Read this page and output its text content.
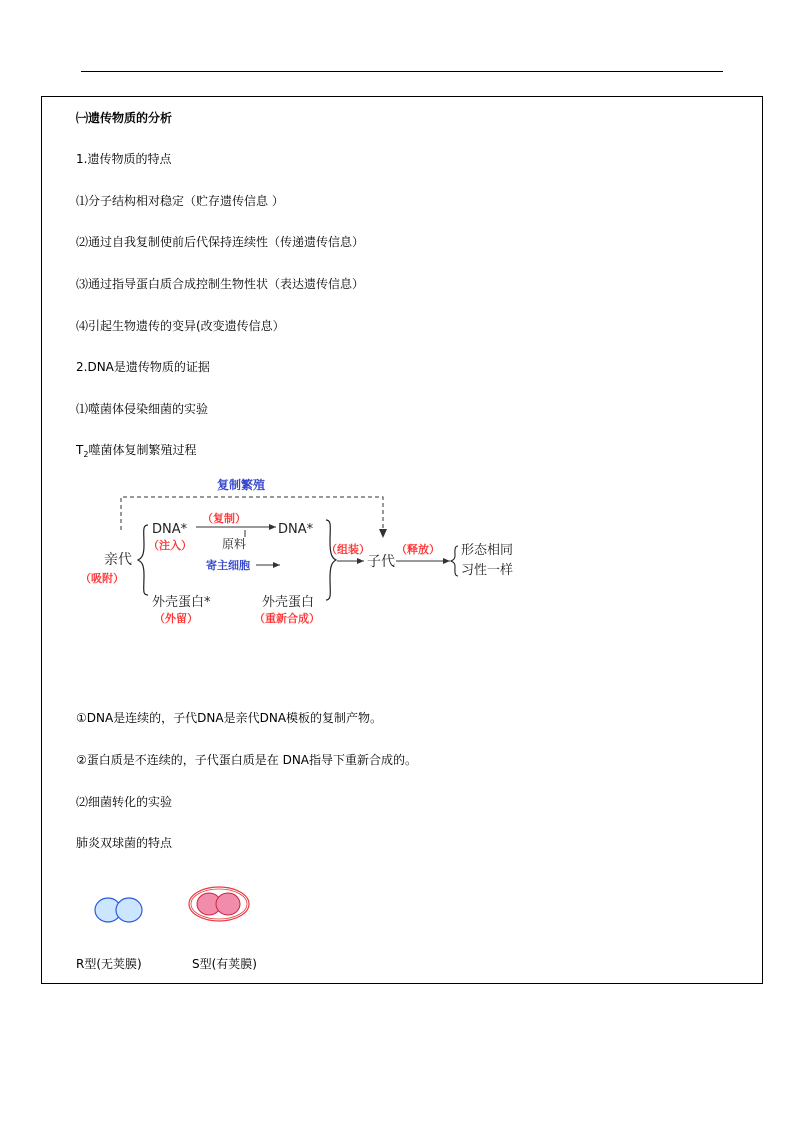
㈠遗传物质的分析
1.遗传物质的特点
⑴分子结构相对稳定（贮存遗传信息 ）
⑵通过自我复制使前后代保持连续性（传递遗传信息）
⑶通过指导蛋白质合成控制生物性状（表达遗传信息）
⑷引起生物遗传的变异(改变遗传信息）
2.DNA是遗传物质的证据
⑴噬菌体侵染细菌的实验
$T_2$噬菌体复制繁殖过程
复制繁殖
亲代
（吸附）
DNA*
（注入）
（复制）
DNA*
原料
寄主细胞
外壳蛋白*
（外留）
外壳蛋白
（重新合成）
（组装）
子代
（释放） 形态相同
习性一样
①DNA是连续的，子代DNA是亲代DNA模板的复制产物。
②蛋白质是不连续的，子代蛋白质是在 DNA指导下重新合成的。
⑵细菌转化的实验
肺炎双球菌的特点
R型(无荚膜)	S型(有荚膜)
